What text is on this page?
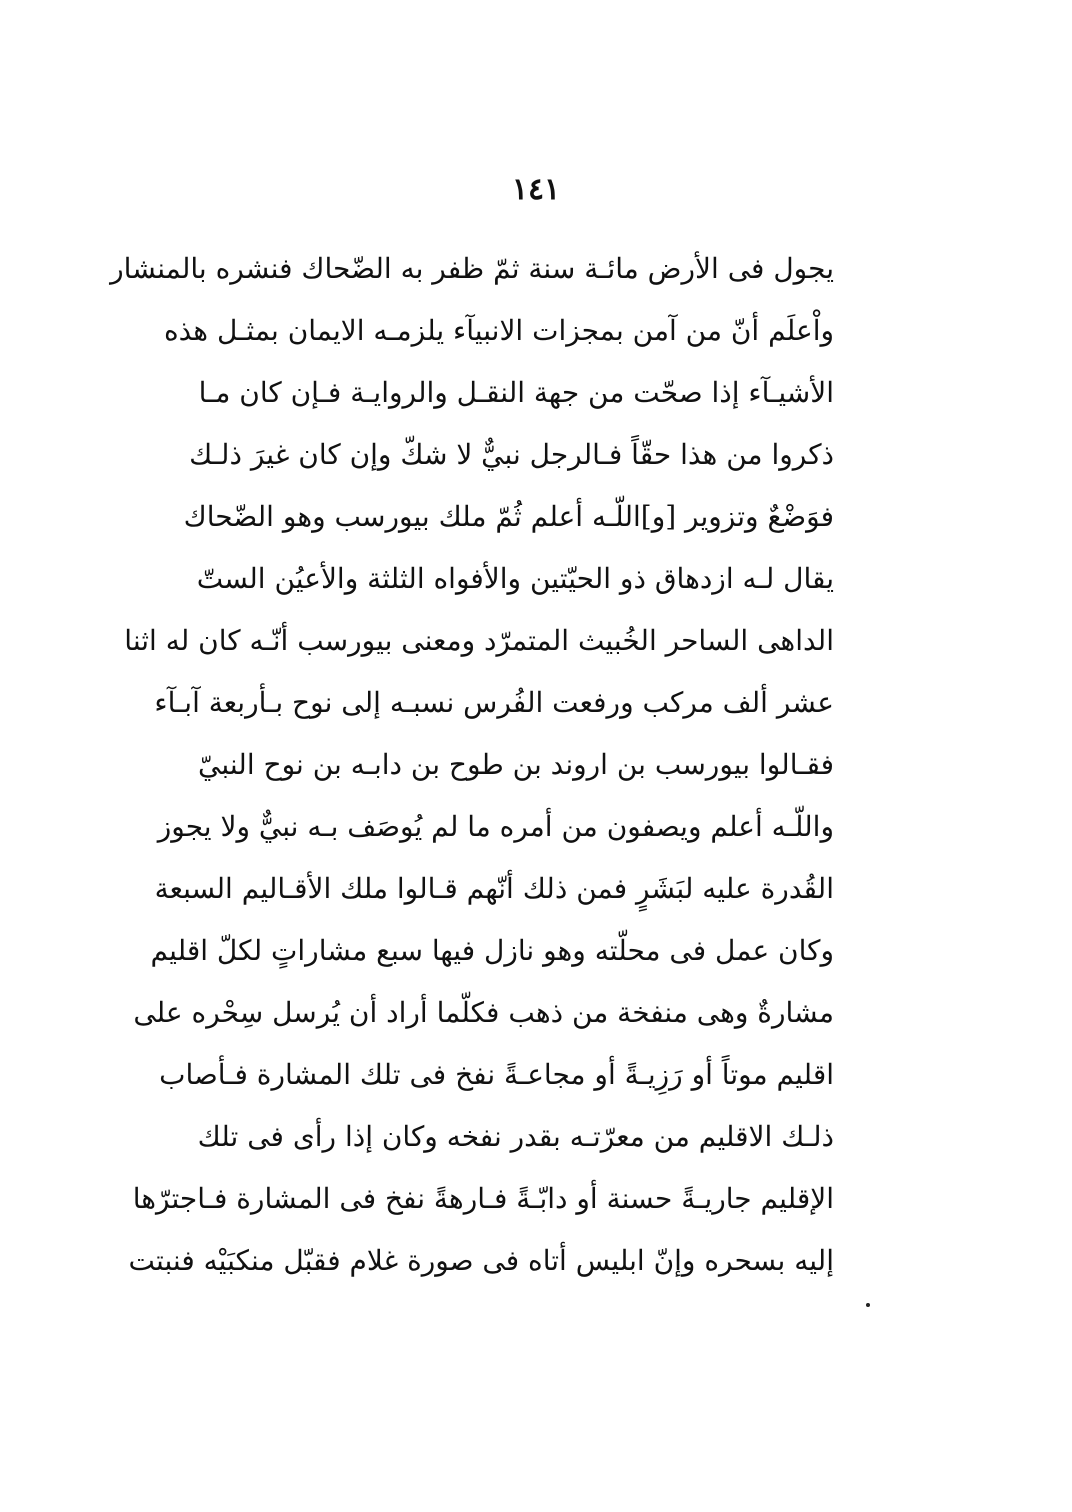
١٤١
يجول فى الأرض مائـة سنة ثمّ ظفر به الضّحاك فنشره بالمنشار
واْعلَم أنّ من آمن بمجزات الانبيآء يلزمـه الايمان بمثـل هذه
الأشيـآء إذا صحّت من جهة النقـل والروايـة فـإن كان مـا
ذكروا من هذا حقّاً فـالرجل نبيٌّ لا شكّ وإن كان غيرَ ذلـك
فوَضْعٌ وتزوير [و]اللّـه أعلم ثُمّ ملك بيورسب وهو الضّحاك
يقال لـه ازدهاق ذو الحيّتين والأفواه الثلثة والأعيُن الستّ
الداهى الساحر الخُبيث المتمرّد ومعنى بيورسب أنّـه كان له اثنا
عشر ألف مركب ورفعت الفُرس نسبـه إلى نوح بـأربعة آبـآء
فقـالوا بيورسب بن اروند بن طوح بن دابـه بن نوح النبيّ
واللّـه أعلم ويصفون من أمره ما لم يُوصَف بـه نبيٌّ ولا يجوز
القُدرة عليه لبَشَرٍ فمن ذلك أنّهم قـالوا ملك الأقـاليم السبعة
وكان عمل فى محلّته وهو نازل فيها سبع مشاراتٍ لكلّ اقليم
مشارةٌ وهى منفخة من ذهب فكلّما أراد أن يُرسل سِحْره على
اقليم موتاً أو رَزِيـةً أو مجاعـةً نفخ فى تلك المشارة فـأصاب
ذلـك الاقليم من معرّتـه بقدر نفخه وكان إذا رأى فى تلك
الإقليم جاريـةً حسنة أو دابّـةً فـارهةً نفخ فى المشارة فـاجترّها
إليه بسحره وإنّ ابليس أتاه فى صورة غلام فقبّل منكبَيْه فنبتت
